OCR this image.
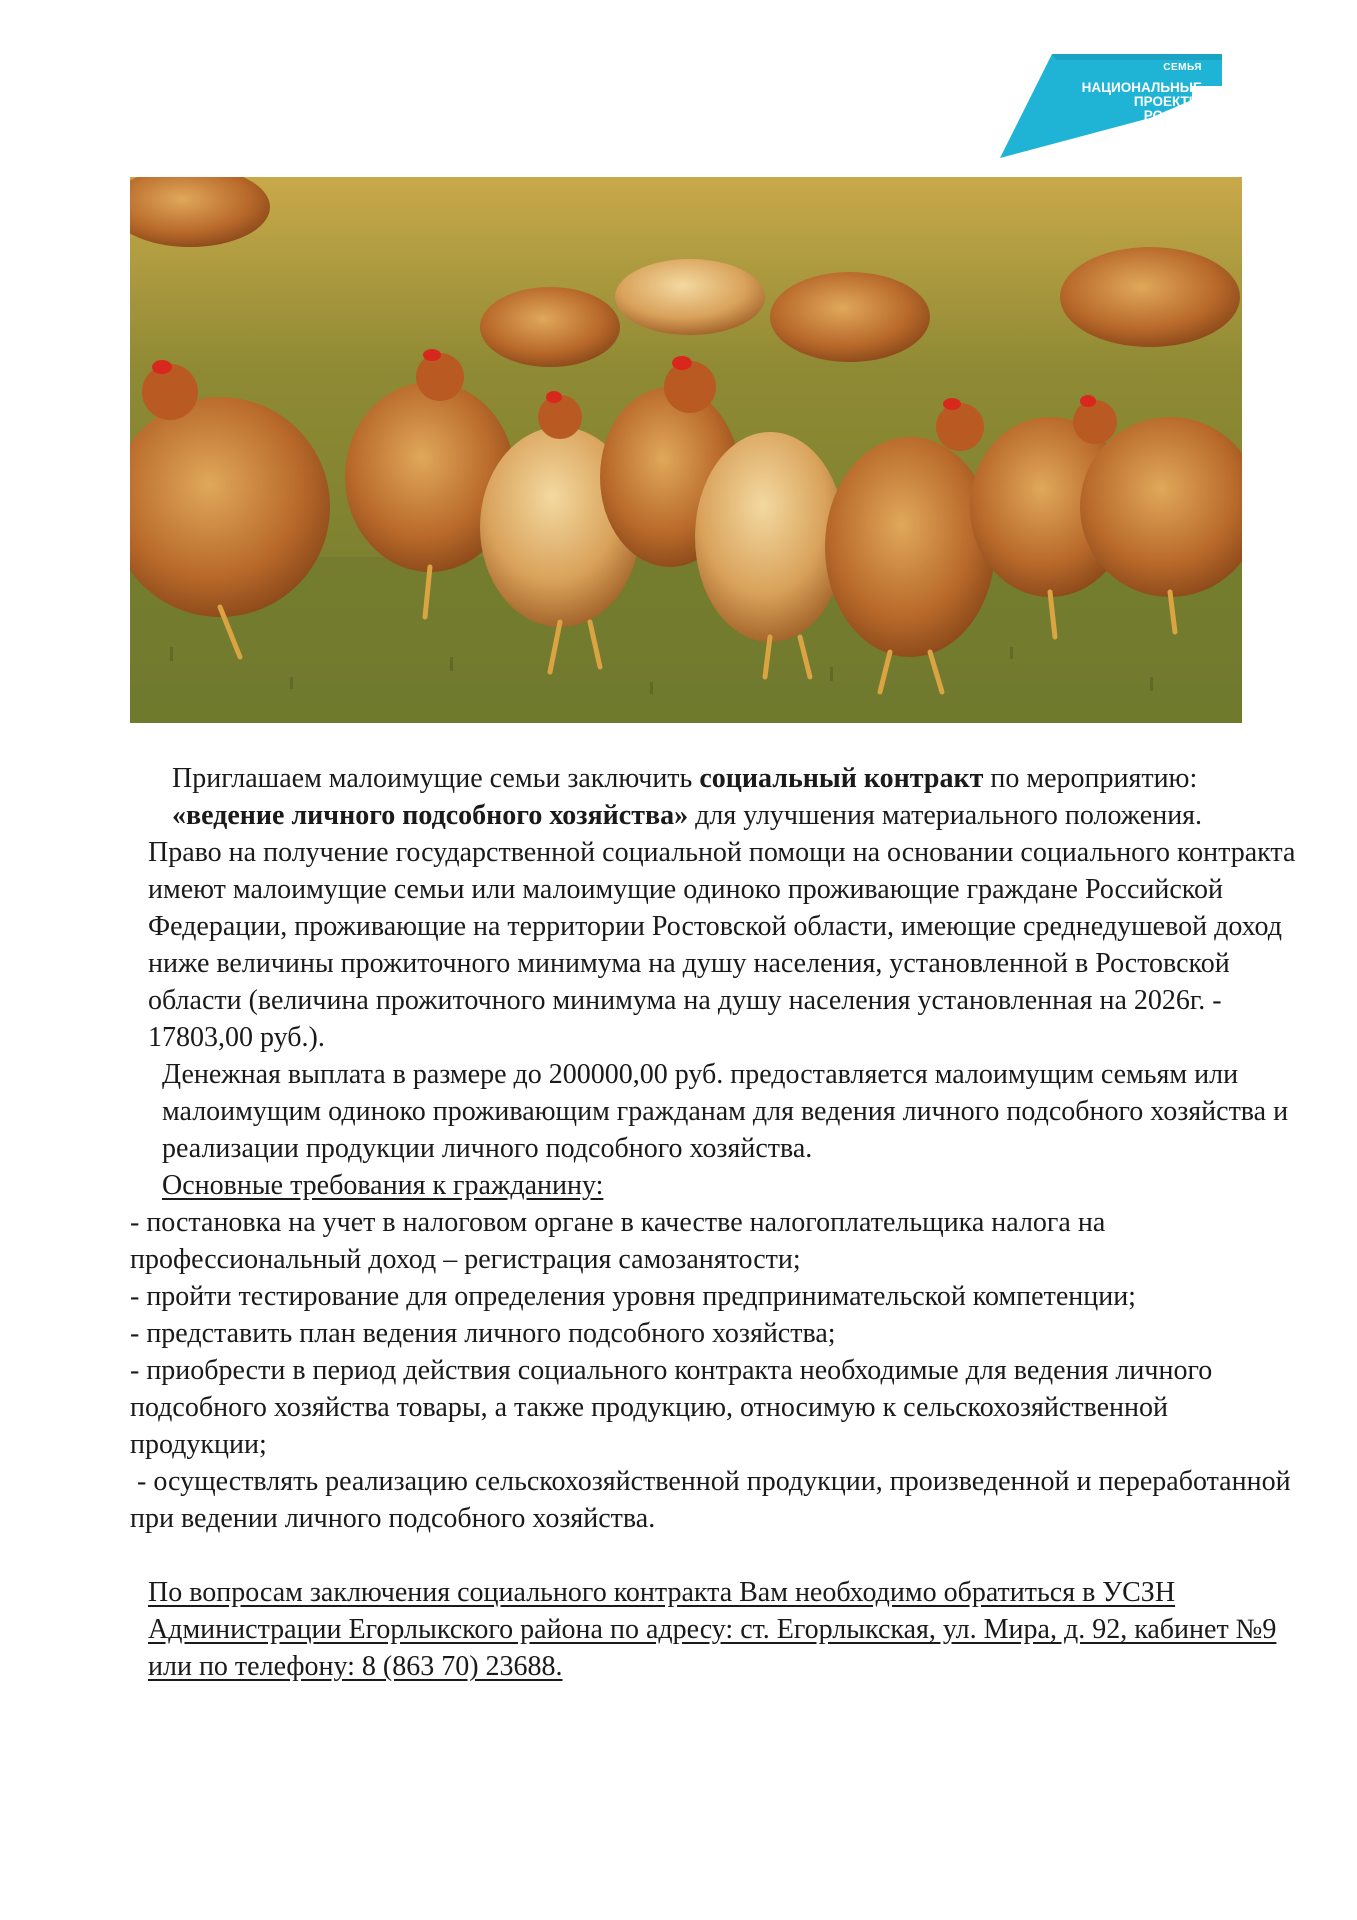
СЕМЬЯ
НАЦИОНАЛЬНЫЕ
ПРОЕКТЫ
РОССИИ

Приглашаем малоимущие семьи заключить социальный контракт по мероприятию: «ведение личного подсобного хозяйства» для улучшения материального положения.

Право на получение государственной социальной помощи на основании социального контракта имеют малоимущие семьи или малоимущие одиноко проживающие граждане Российской Федерации, проживающие на территории Ростовской области, имеющие среднедушевой доход ниже величины прожиточного минимума на душу населения, установленной в Ростовской области (величина прожиточного минимума на душу населения установленная на 2026г. - 17803,00 руб.).

Денежная выплата в размере до 200000,00 руб. предоставляется малоимущим семьям или малоимущим одиноко проживающим гражданам для ведения личного подсобного хозяйства и реализации продукции личного подсобного хозяйства.

Основные требования к гражданину:

- постановка на учет в налоговом органе в качестве налогоплательщика налога на профессиональный доход – регистрация самозанятости;

- пройти тестирование для определения уровня предпринимательской компетенции;

- представить план ведения личного подсобного хозяйства;

- приобрести в период действия социального контракта необходимые для ведения личного подсобного хозяйства товары, а также продукцию, относимую к сельскохозяйственной продукции;

- осуществлять реализацию сельскохозяйственной продукции, произведенной и переработанной при ведении личного подсобного хозяйства.

По вопросам заключения социального контракта Вам необходимо обратиться в УСЗН Администрации Егорлыкского района по адресу: ст. Егорлыкская, ул. Мира, д. 92, кабинет №9 или по телефону: 8 (863 70) 23688.
